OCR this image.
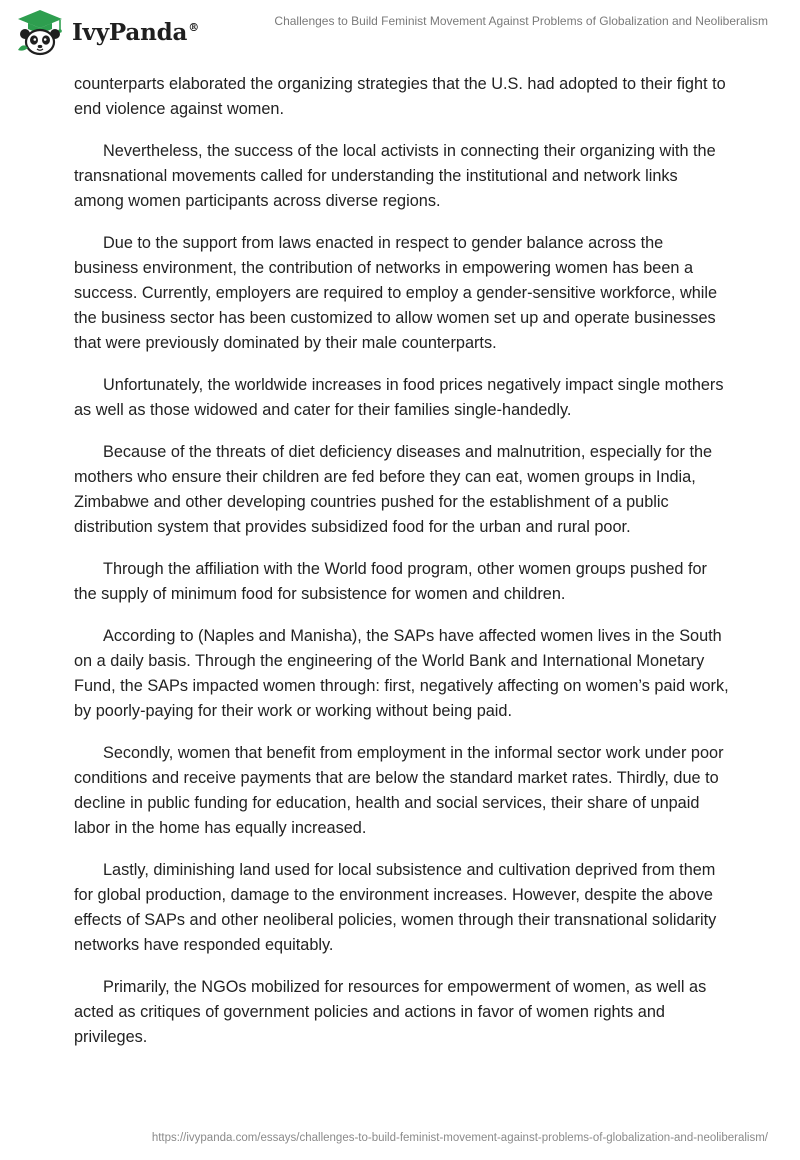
IvyPanda®	Challenges to Build Feminist Movement Against Problems of Globalization and Neoliberalism

counterparts elaborated the organizing strategies that the U.S. had adopted to their fight to end violence against women.

Nevertheless, the success of the local activists in connecting their organizing with the transnational movements called for understanding the institutional and network links among women participants across diverse regions.

Due to the support from laws enacted in respect to gender balance across the business environment, the contribution of networks in empowering women has been a success. Currently, employers are required to employ a gender-sensitive workforce, while the business sector has been customized to allow women set up and operate businesses that were previously dominated by their male counterparts.

Unfortunately, the worldwide increases in food prices negatively impact single mothers as well as those widowed and cater for their families single-handedly.

Because of the threats of diet deficiency diseases and malnutrition, especially for the mothers who ensure their children are fed before they can eat, women groups in India, Zimbabwe and other developing countries pushed for the establishment of a public distribution system that provides subsidized food for the urban and rural poor.

Through the affiliation with the World food program, other women groups pushed for the supply of minimum food for subsistence for women and children.

According to (Naples and Manisha), the SAPs have affected women lives in the South on a daily basis. Through the engineering of the World Bank and International Monetary Fund, the SAPs impacted women through: first, negatively affecting on women’s paid work, by poorly-paying for their work or working without being paid.

Secondly, women that benefit from employment in the informal sector work under poor conditions and receive payments that are below the standard market rates. Thirdly, due to decline in public funding for education, health and social services, their share of unpaid labor in the home has equally increased.

Lastly, diminishing land used for local subsistence and cultivation deprived from them for global production, damage to the environment increases. However, despite the above effects of SAPs and other neoliberal policies, women through their transnational solidarity networks have responded equitably.

Primarily, the NGOs mobilized for resources for empowerment of women, as well as acted as critiques of government policies and actions in favor of women rights and privileges.

https://ivypanda.com/essays/challenges-to-build-feminist-movement-against-problems-of-globalization-and-neoliberalism/
